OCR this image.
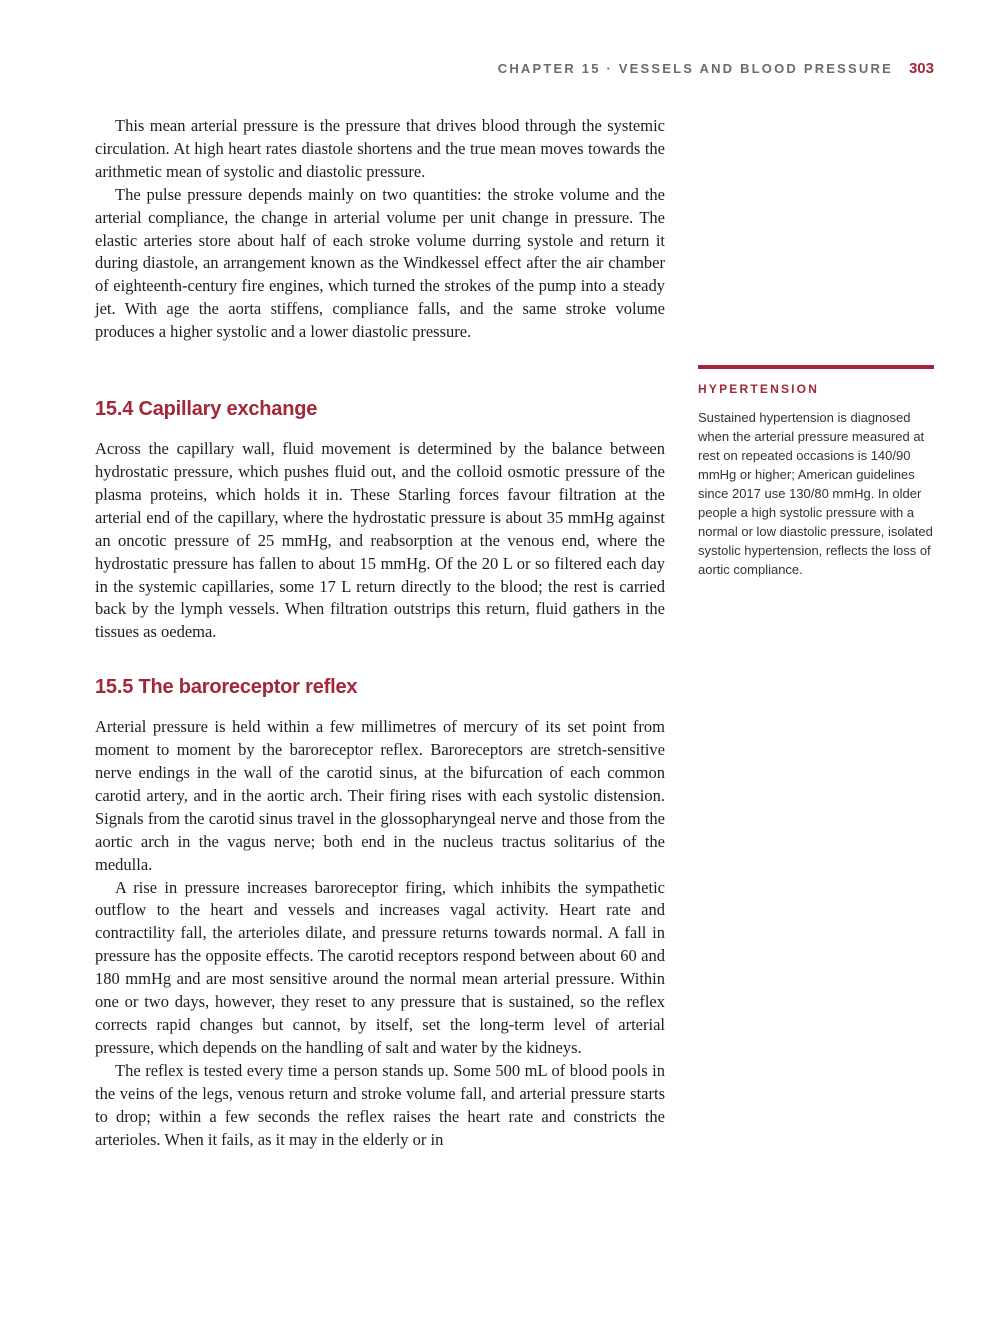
CHAPTER 15 · VESSELS AND BLOOD PRESSURE 303

This mean arterial pressure is the pressure that drives blood through the systemic circulation. At high heart rates diastole shortens and the true mean moves towards the arithmetic mean of systolic and diastolic pressure.

The pulse pressure depends mainly on two quantities: the stroke volume and the arterial compliance, the change in arterial volume per unit change in pressure. The elastic arteries store about half of each stroke volume durring systole and return it during diastole, an arrangement known as the Windkessel effect after the air chamber of eighteenth-century fire engines, which turned the strokes of the pump into a steady jet. With age the aorta stiffens, compliance falls, and the same stroke volume produces a higher systolic and a lower diastolic pressure.

15.4 Capillary exchange

Across the capillary wall, fluid movement is determined by the balance between hydrostatic pressure, which pushes fluid out, and the colloid osmotic pressure of the plasma proteins, which holds it in. These Starling forces favour filtration at the arterial end of the capillary, where the hydrostatic pressure is about 35 mmHg against an oncotic pressure of 25 mmHg, and reabsorption at the venous end, where the hydrostatic pressure has fallen to about 15 mmHg. Of the 20 L or so filtered each day in the systemic capillaries, some 17 L return directly to the blood; the rest is carried back by the lymph vessels. When filtration outstrips this return, fluid gathers in the tissues as oedema.

15.5 The baroreceptor reflex

Arterial pressure is held within a few millimetres of mercury of its set point from moment to moment by the baroreceptor reflex. Baroreceptors are stretch-sensitive nerve endings in the wall of the carotid sinus, at the bifurcation of each common carotid artery, and in the aortic arch. Their firing rises with each systolic distension. Signals from the carotid sinus travel in the glossopharyngeal nerve and those from the aortic arch in the vagus nerve; both end in the nucleus tractus solitarius of the medulla.

A rise in pressure increases baroreceptor firing, which inhibits the sympathetic outflow to the heart and vessels and increases vagal activity. Heart rate and contractility fall, the arterioles dilate, and pressure returns towards normal. A fall in pressure has the opposite effects. The carotid receptors respond between about 60 and 180 mmHg and are most sensitive around the normal mean arterial pressure. Within one or two days, however, they reset to any pressure that is sustained, so the reflex corrects rapid changes but cannot, by itself, set the long-term level of arterial pressure, which depends on the handling of salt and water by the kidneys.

The reflex is tested every time a person stands up. Some 500 mL of blood pools in the veins of the legs, venous return and stroke volume fall, and arterial pressure starts to drop; within a few seconds the reflex raises the heart rate and constricts the arterioles. When it fails, as it may in the elderly or in

HYPERTENSION
Sustained hypertension is diagnosed when the arterial pressure measured at rest on repeated occasions is 140/90 mmHg or higher; American guidelines since 2017 use 130/80 mmHg. In older people a high systolic pressure with a normal or low diastolic pressure, isolated systolic hypertension, reflects the loss of aortic compliance.
